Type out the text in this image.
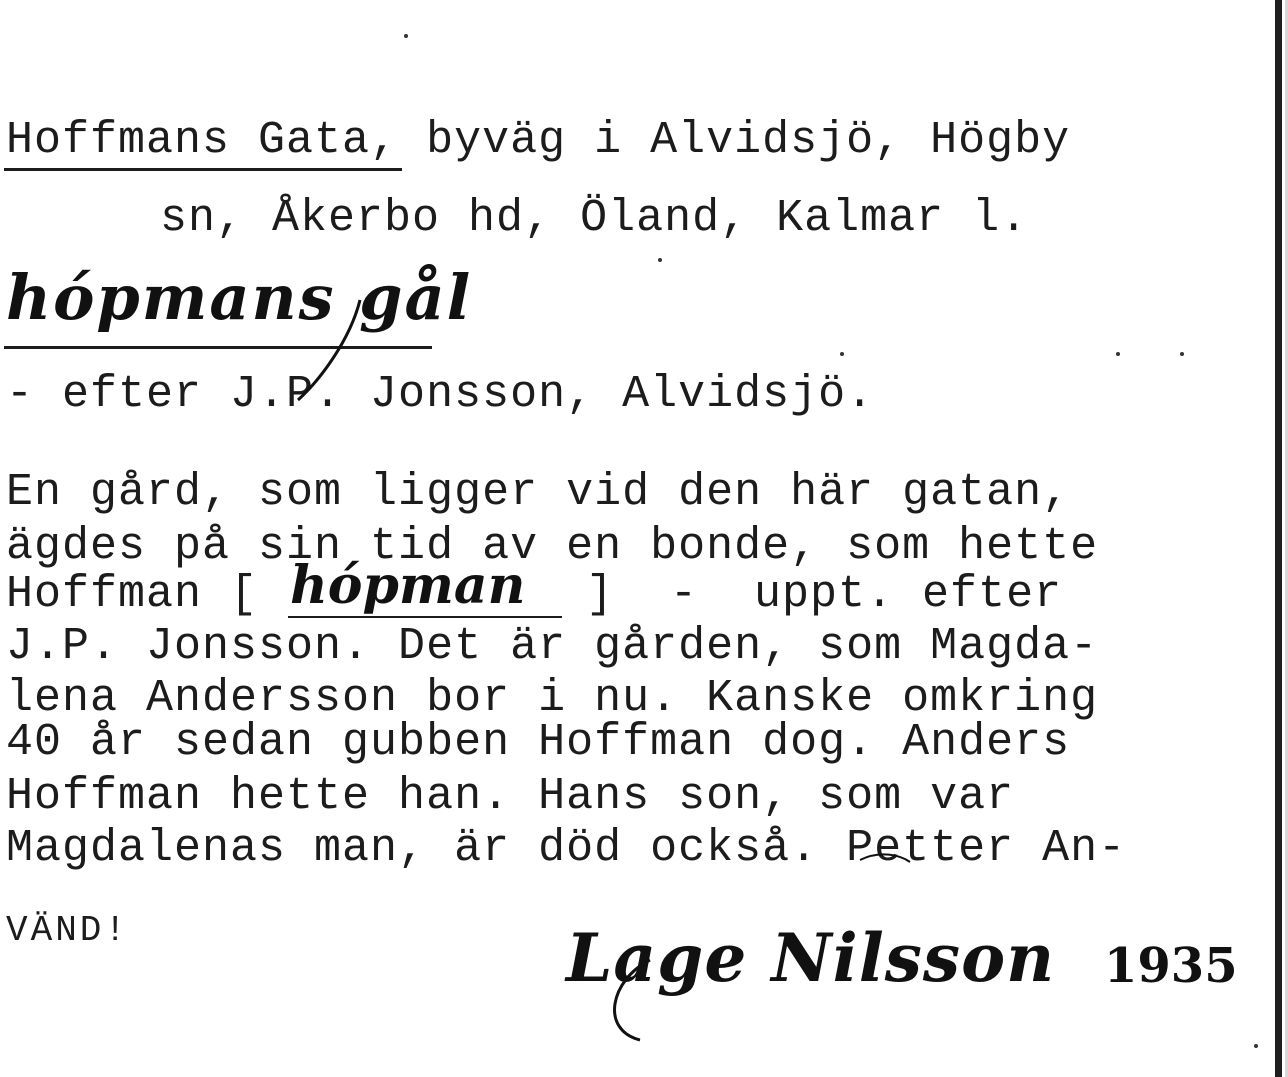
Hoffmans Gata, byväg i Alvidsjö, Högby
sn, Åkerbo hd, Öland, Kalmar l.
hópmans gål
- efter J.P. Jonsson, Alvidsjö.
En gård, som ligger vid den här gatan,
ägdes på sin tid av en bonde, som hette
Hoffman [ hópman ]  -  uppt. efter
J.P. Jonsson. Det är gården, som Magda-
lena Andersson bor i nu. Kanske omkring
40 år sedan gubben Hoffman dog. Anders
Hoffman hette han. Hans son, som var
Magdalenas man, är död också. Petter An-
VÄND!	Lage Nilsson 1935
